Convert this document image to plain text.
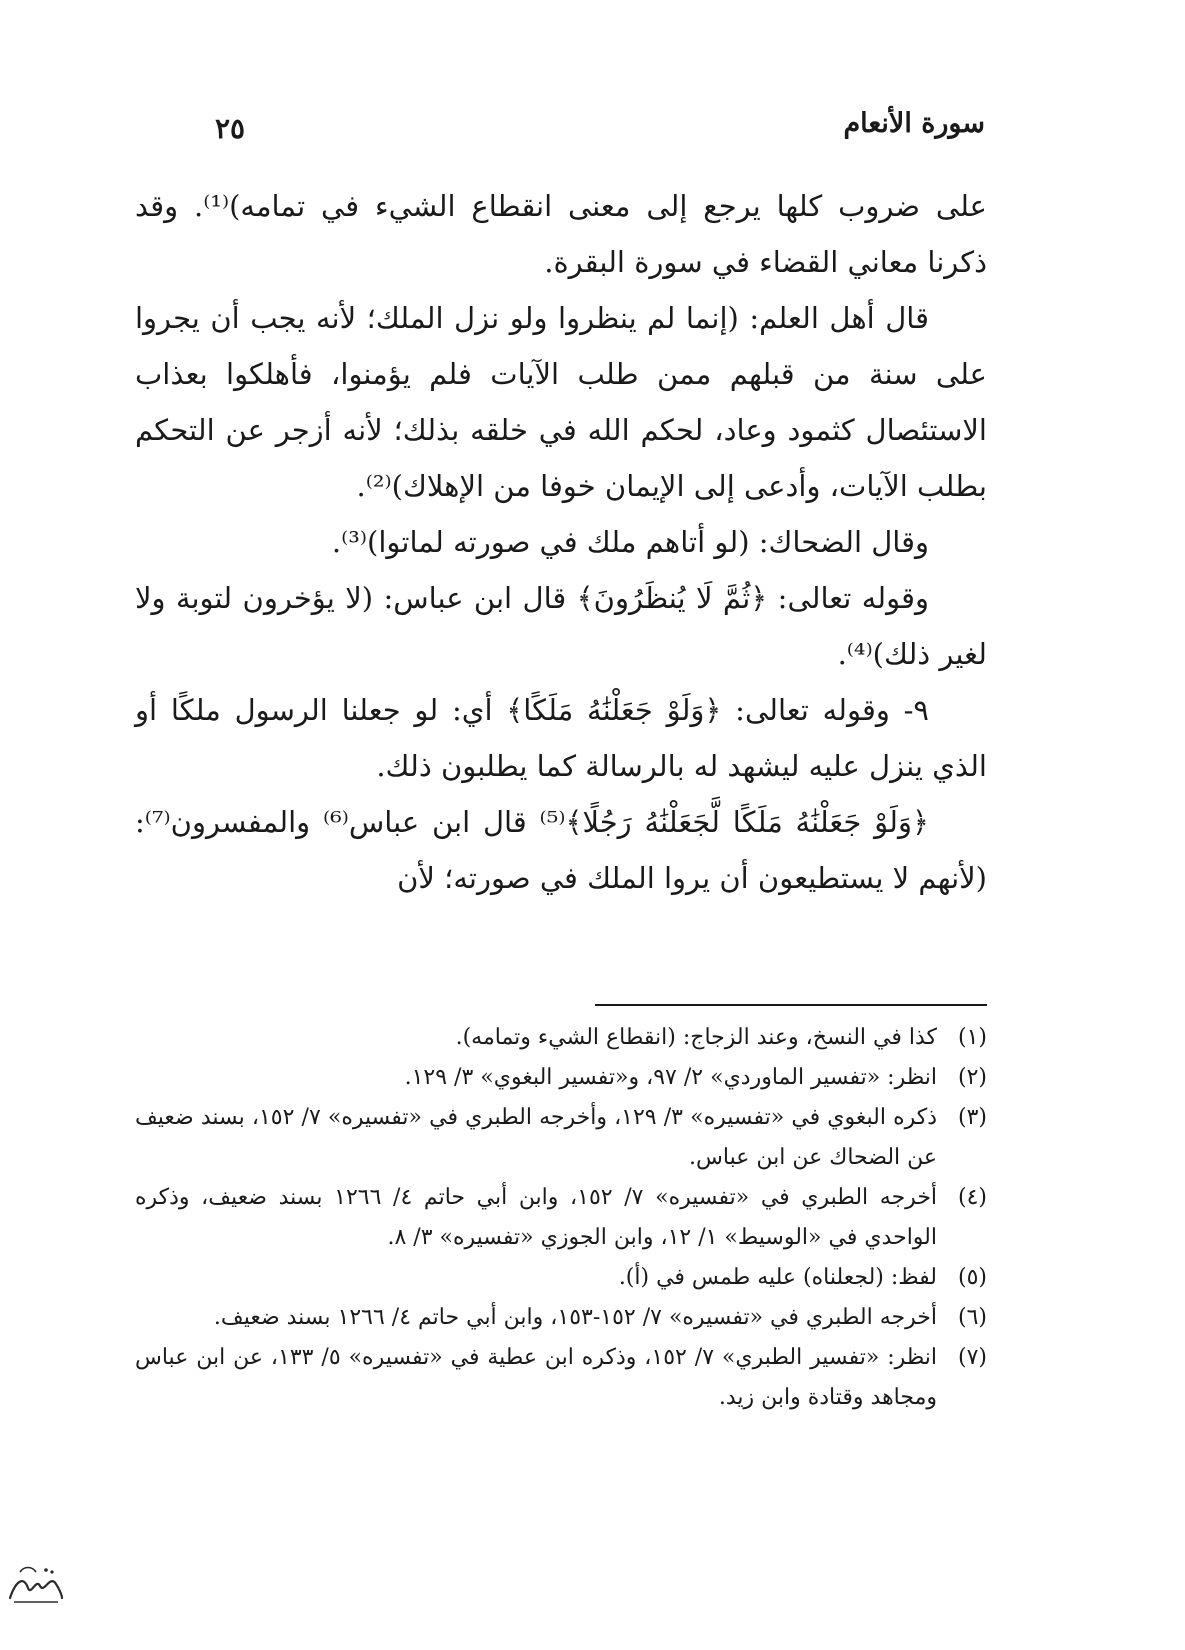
سورة الأنعام
٢٥

على ضروب كلها يرجع إلى معنى انقطاع الشيء في تمامه)⁽¹⁾. وقد ذكرنا معاني القضاء في سورة البقرة.

قال أهل العلم: (إنما لم ينظروا ولو نزل الملك؛ لأنه يجب أن يجروا على سنة من قبلهم ممن طلب الآيات فلم يؤمنوا، فأهلكوا بعذاب الاستئصال كثمود وعاد، لحكم الله في خلقه بذلك؛ لأنه أزجر عن التحكم بطلب الآيات، وأدعى إلى الإيمان خوفا من الإهلاك)⁽²⁾.

وقال الضحاك: (لو أتاهم ملك في صورته لماتوا)⁽³⁾.

وقوله تعالى: ﴿ثُمَّ لَا يُنظَرُونَ﴾ قال ابن عباس: (لا يؤخرون لتوبة ولا لغير ذلك)⁽⁴⁾.

٩- وقوله تعالى: ﴿وَلَوْ جَعَلْنَٰهُ مَلَكًا﴾ أي: لو جعلنا الرسول ملكًا أو الذي ينزل عليه ليشهد له بالرسالة كما يطلبون ذلك.

﴿وَلَوْ جَعَلْنَٰهُ مَلَكًا لَّجَعَلْنَٰهُ رَجُلًا﴾⁽⁵⁾ قال ابن عباس⁽⁶⁾ والمفسرون⁽⁷⁾: (لأنهم لا يستطيعون أن يروا الملك في صورته؛ لأن

(١)
كذا في النسخ، وعند الزجاج: (انقطاع الشيء وتمامه).
(٢)
انظر: «تفسير الماوردي» ٢/ ٩٧، و«تفسير البغوي» ٣/ ١٢٩.
(٣)
ذكره البغوي في «تفسيره» ٣/ ١٢٩، وأخرجه الطبري في «تفسيره» ٧/ ١٥٢، بسند ضعيف عن الضحاك عن ابن عباس.
(٤)
أخرجه الطبري في «تفسيره» ٧/ ١٥٢، وابن أبي حاتم ٤/ ١٢٦٦ بسند ضعيف، وذكره الواحدي في «الوسيط» ١/ ١٢، وابن الجوزي «تفسيره» ٣/ ٨.
(٥)
لفظ: (لجعلناه) عليه طمس في (أ).
(٦)
أخرجه الطبري في «تفسيره» ٧/ ١٥٢-١٥٣، وابن أبي حاتم ٤/ ١٢٦٦ بسند ضعيف.
(٧)
انظر: «تفسير الطبري» ٧/ ١٥٢، وذكره ابن عطية في «تفسيره» ٥/ ١٣٣، عن ابن عباس ومجاهد وقتادة وابن زيد.
